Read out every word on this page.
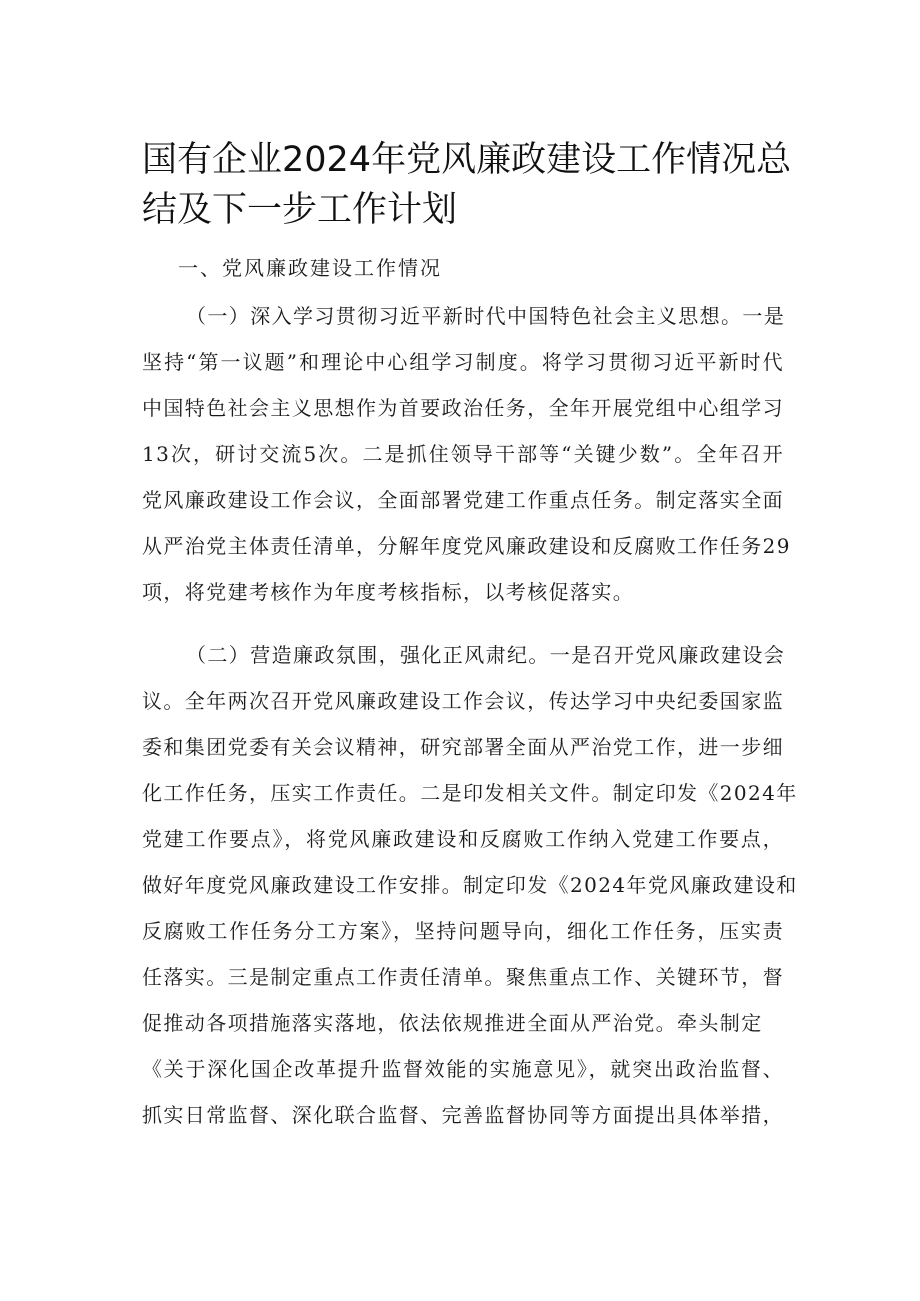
国有企业2024年党风廉政建设工作情况总
结及下一步工作计划

一、党风廉政建设工作情况

（一）深入学习贯彻习近平新时代中国特色社会主义思想。一是
坚持“第一议题”和理论中心组学习制度。将学习贯彻习近平新时代
中国特色社会主义思想作为首要政治任务，全年开展党组中心组学习
13次，研讨交流5次。二是抓住领导干部等“关键少数”。全年召开
党风廉政建设工作会议，全面部署党建工作重点任务。制定落实全面
从严治党主体责任清单，分解年度党风廉政建设和反腐败工作任务29
项，将党建考核作为年度考核指标，以考核促落实。

（二）营造廉政氛围，强化正风肃纪。一是召开党风廉政建设会
议。全年两次召开党风廉政建设工作会议，传达学习中央纪委国家监
委和集团党委有关会议精神，研究部署全面从严治党工作，进一步细
化工作任务，压实工作责任。二是印发相关文件。制定印发《2024年
党建工作要点》，将党风廉政建设和反腐败工作纳入党建工作要点，
做好年度党风廉政建设工作安排。制定印发《2024年党风廉政建设和
反腐败工作任务分工方案》，坚持问题导向，细化工作任务，压实责
任落实。三是制定重点工作责任清单。聚焦重点工作、关键环节，督
促推动各项措施落实落地，依法依规推进全面从严治党。牵头制定
《关于深化国企改革提升监督效能的实施意见》，就突出政治监督、
抓实日常监督、深化联合监督、完善监督协同等方面提出具体举措，
